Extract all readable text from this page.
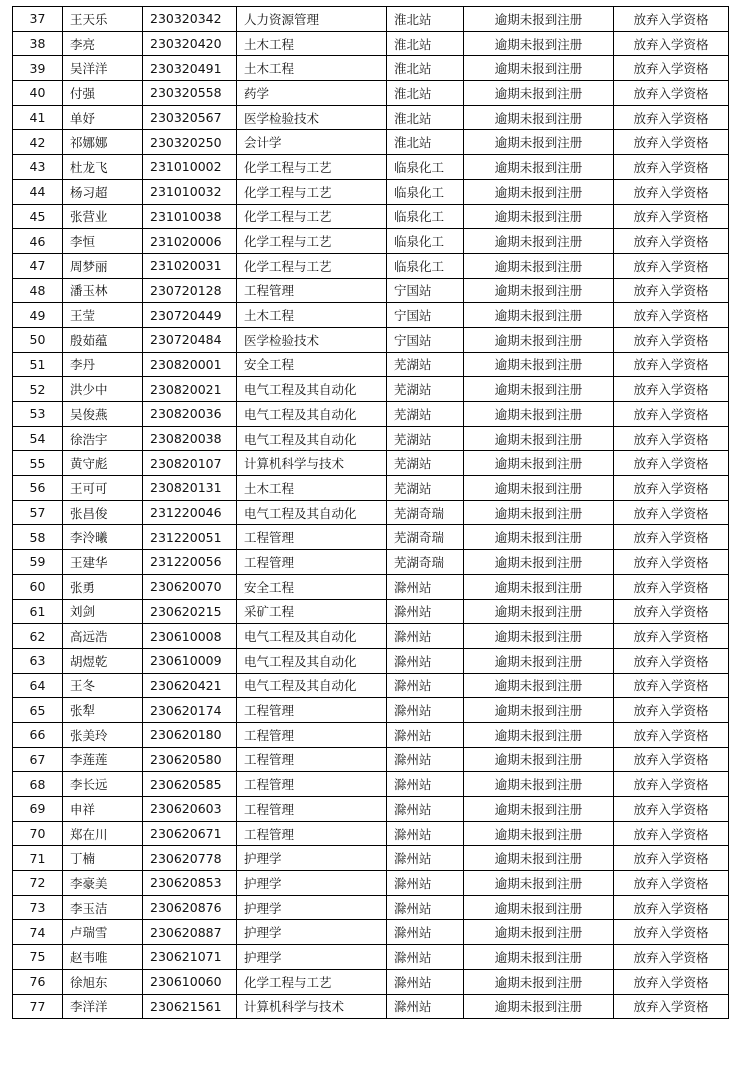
37	王天乐	230320342	人力资源管理	淮北站	逾期未报到注册	放弃入学资格
38	李亮	230320420	土木工程	淮北站	逾期未报到注册	放弃入学资格
39	吴洋洋	230320491	土木工程	淮北站	逾期未报到注册	放弃入学资格
40	付强	230320558	药学	淮北站	逾期未报到注册	放弃入学资格
41	单妤	230320567	医学检验技术	淮北站	逾期未报到注册	放弃入学资格
42	祁娜娜	230320250	会计学	淮北站	逾期未报到注册	放弃入学资格
43	杜龙飞	231010002	化学工程与工艺	临泉化工	逾期未报到注册	放弃入学资格
44	杨习超	231010032	化学工程与工艺	临泉化工	逾期未报到注册	放弃入学资格
45	张营业	231010038	化学工程与工艺	临泉化工	逾期未报到注册	放弃入学资格
46	李恒	231020006	化学工程与工艺	临泉化工	逾期未报到注册	放弃入学资格
47	周梦丽	231020031	化学工程与工艺	临泉化工	逾期未报到注册	放弃入学资格
48	潘玉林	230720128	工程管理	宁国站	逾期未报到注册	放弃入学资格
49	王莹	230720449	土木工程	宁国站	逾期未报到注册	放弃入学资格
50	殷茹蕴	230720484	医学检验技术	宁国站	逾期未报到注册	放弃入学资格
51	李丹	230820001	安全工程	芜湖站	逾期未报到注册	放弃入学资格
52	洪少中	230820021	电气工程及其自动化	芜湖站	逾期未报到注册	放弃入学资格
53	吴俊燕	230820036	电气工程及其自动化	芜湖站	逾期未报到注册	放弃入学资格
54	徐浩宇	230820038	电气工程及其自动化	芜湖站	逾期未报到注册	放弃入学资格
55	黄守彪	230820107	计算机科学与技术	芜湖站	逾期未报到注册	放弃入学资格
56	王可可	230820131	土木工程	芜湖站	逾期未报到注册	放弃入学资格
57	张昌俊	231220046	电气工程及其自动化	芜湖奇瑞	逾期未报到注册	放弃入学资格
58	李泠曦	231220051	工程管理	芜湖奇瑞	逾期未报到注册	放弃入学资格
59	王建华	231220056	工程管理	芜湖奇瑞	逾期未报到注册	放弃入学资格
60	张勇	230620070	安全工程	滁州站	逾期未报到注册	放弃入学资格
61	刘剑	230620215	采矿工程	滁州站	逾期未报到注册	放弃入学资格
62	高远浩	230610008	电气工程及其自动化	滁州站	逾期未报到注册	放弃入学资格
63	胡煜乾	230610009	电气工程及其自动化	滁州站	逾期未报到注册	放弃入学资格
64	王冬	230620421	电气工程及其自动化	滁州站	逾期未报到注册	放弃入学资格
65	张犁	230620174	工程管理	滁州站	逾期未报到注册	放弃入学资格
66	张美玲	230620180	工程管理	滁州站	逾期未报到注册	放弃入学资格
67	李莲莲	230620580	工程管理	滁州站	逾期未报到注册	放弃入学资格
68	李长远	230620585	工程管理	滁州站	逾期未报到注册	放弃入学资格
69	申祥	230620603	工程管理	滁州站	逾期未报到注册	放弃入学资格
70	郑在川	230620671	工程管理	滁州站	逾期未报到注册	放弃入学资格
71	丁楠	230620778	护理学	滁州站	逾期未报到注册	放弃入学资格
72	李豪美	230620853	护理学	滁州站	逾期未报到注册	放弃入学资格
73	李玉洁	230620876	护理学	滁州站	逾期未报到注册	放弃入学资格
74	卢瑞雪	230620887	护理学	滁州站	逾期未报到注册	放弃入学资格
75	赵韦唯	230621071	护理学	滁州站	逾期未报到注册	放弃入学资格
76	徐旭东	230610060	化学工程与工艺	滁州站	逾期未报到注册	放弃入学资格
77	李洋洋	230621561	计算机科学与技术	滁州站	逾期未报到注册	放弃入学资格
